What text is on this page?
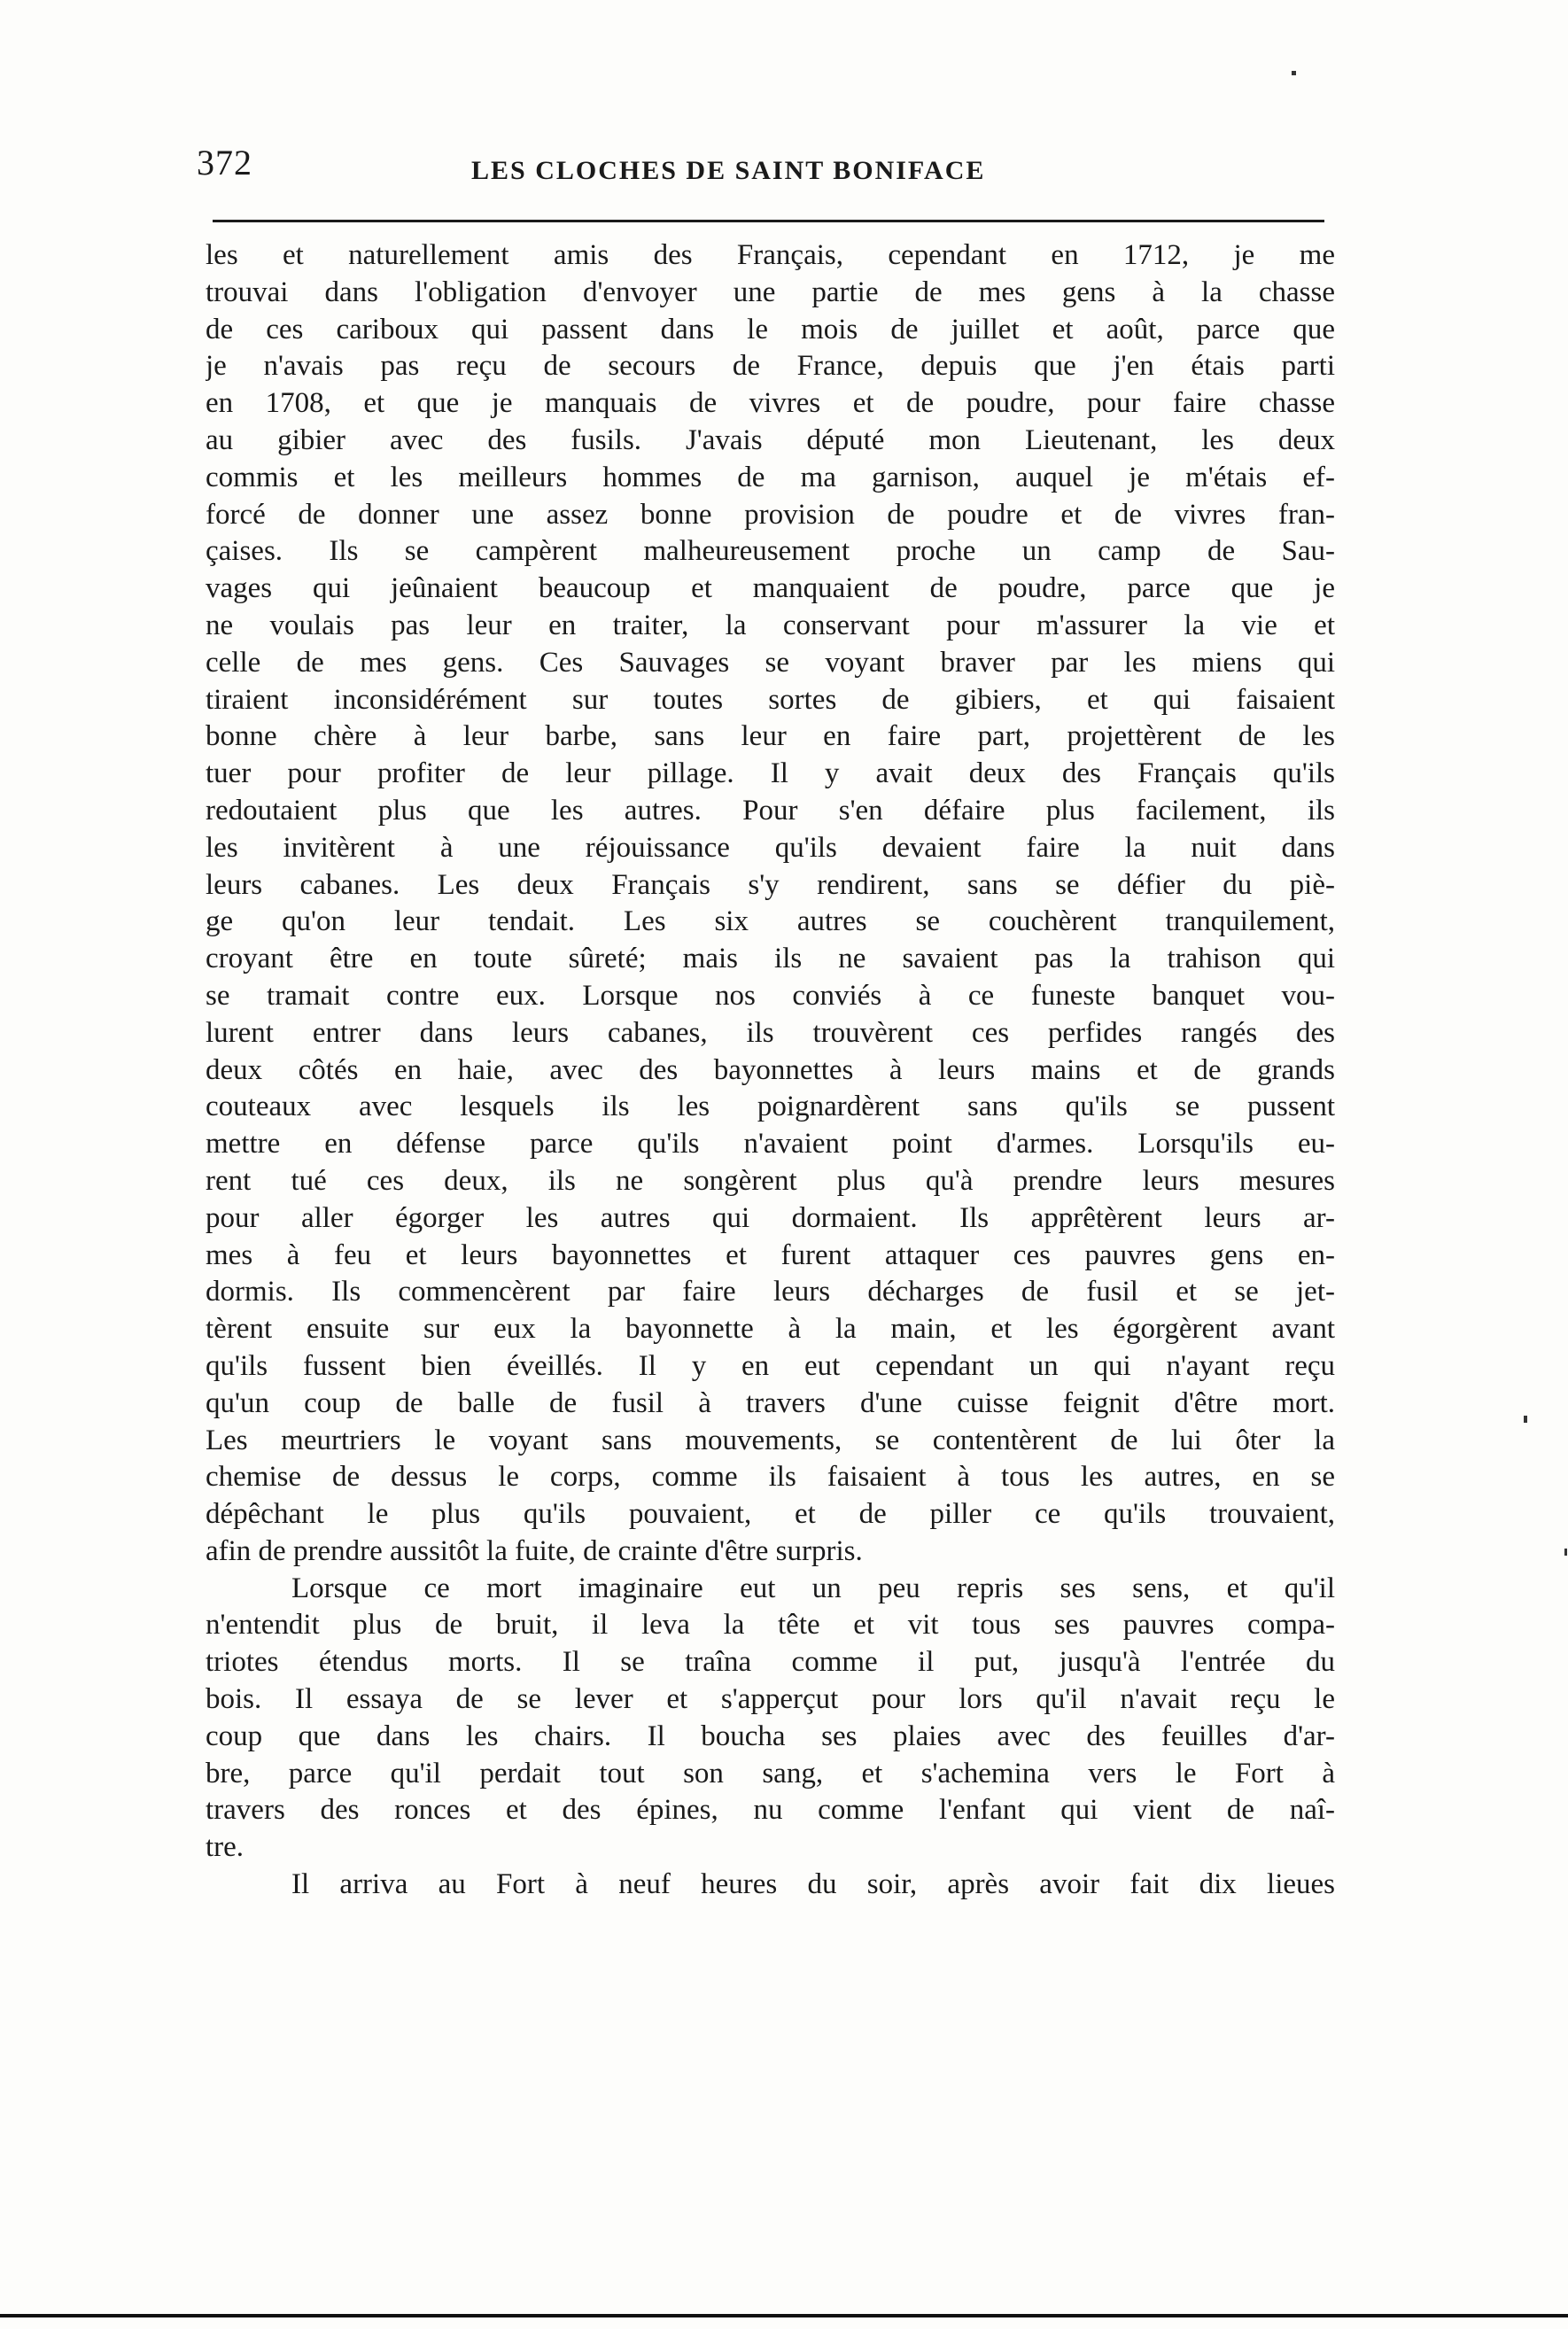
372	LES CLOCHES DE SAINT BONIFACE
les et naturellement amis des Français, cependant en 1712, je me
trouvai dans l'obligation d'envoyer une partie de mes gens à la chasse
de ces cariboux qui passent dans le mois de juillet et août, parce que
je n'avais pas reçu de secours de France, depuis que j'en étais parti
en 1708, et que je manquais de vivres et de poudre, pour faire chasse
au gibier avec des fusils. J'avais député mon Lieutenant, les deux
commis et les meilleurs hommes de ma garnison, auquel je m'étais ef-
forcé de donner une assez bonne provision de poudre et de vivres fran-
çaises. Ils se campèrent malheureusement proche un camp de Sau-
vages qui jeûnaient beaucoup et manquaient de poudre, parce que je
ne voulais pas leur en traiter, la conservant pour m'assurer la vie et
celle de mes gens. Ces Sauvages se voyant braver par les miens qui
tiraient inconsidérément sur toutes sortes de gibiers, et qui faisaient
bonne chère à leur barbe, sans leur en faire part, projettèrent de les
tuer pour profiter de leur pillage. Il y avait deux des Français qu'ils
redoutaient plus que les autres. Pour s'en défaire plus facilement, ils
les invitèrent à une réjouissance qu'ils devaient faire la nuit dans
leurs cabanes. Les deux Français s'y rendirent, sans se défier du piè-
ge qu'on leur tendait. Les six autres se couchèrent tranquilement,
croyant être en toute sûreté; mais ils ne savaient pas la trahison qui
se tramait contre eux. Lorsque nos conviés à ce funeste banquet vou-
lurent entrer dans leurs cabanes, ils trouvèrent ces perfides rangés des
deux côtés en haie, avec des bayonnettes à leurs mains et de grands
couteaux avec lesquels ils les poignardèrent sans qu'ils se pussent
mettre en défense parce qu'ils n'avaient point d'armes. Lorsqu'ils eu-
rent tué ces deux, ils ne songèrent plus qu'à prendre leurs mesures
pour aller égorger les autres qui dormaient. Ils apprêtèrent leurs ar-
mes à feu et leurs bayonnettes et furent attaquer ces pauvres gens en-
dormis. Ils commencèrent par faire leurs décharges de fusil et se jet-
tèrent ensuite sur eux la bayonnette à la main, et les égorgèrent avant
qu'ils fussent bien éveillés. Il y en eut cependant un qui n'ayant reçu
qu'un coup de balle de fusil à travers d'une cuisse feignit d'être mort.
Les meurtriers le voyant sans mouvements, se contentèrent de lui ôter la
chemise de dessus le corps, comme ils faisaient à tous les autres, en se
dépêchant le plus qu'ils pouvaient, et de piller ce qu'ils trouvaient,
afin de prendre aussitôt la fuite, de crainte d'être surpris.
Lorsque ce mort imaginaire eut un peu repris ses sens, et qu'il
n'entendit plus de bruit, il leva la tête et vit tous ses pauvres compa-
triotes étendus morts. Il se traîna comme il put, jusqu'à l'entrée du
bois. Il essaya de se lever et s'apperçut pour lors qu'il n'avait reçu le
coup que dans les chairs. Il boucha ses plaies avec des feuilles d'ar-
bre, parce qu'il perdait tout son sang, et s'achemina vers le Fort à
travers des ronces et des épines, nu comme l'enfant qui vient de naî-
tre.
Il arriva au Fort à neuf heures du soir, après avoir fait dix lieues
